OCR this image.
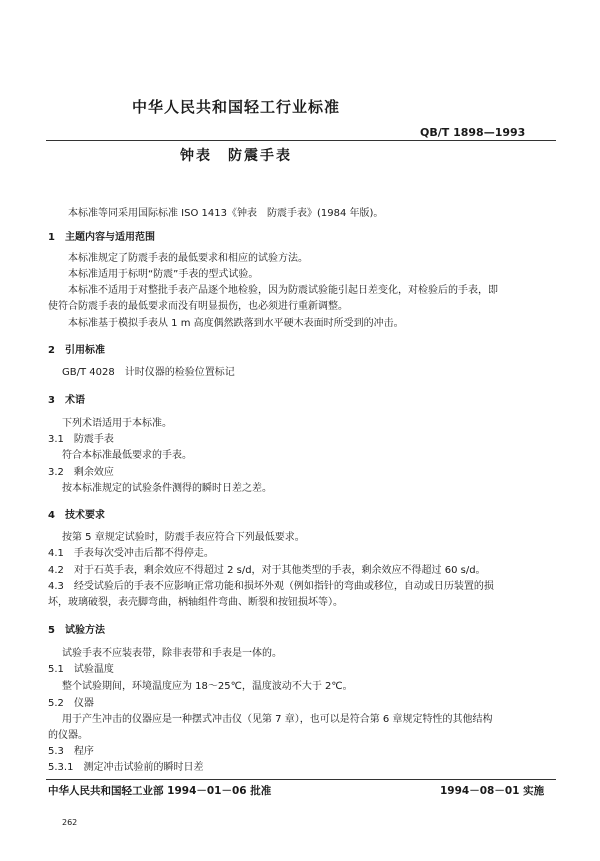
中华人民共和国轻工行业标准
QB/T 1898—1993
钟表　防震手表
本标准等同采用国际标准 ISO 1413《钟表　防震手表》(1984 年版)。
1　主题内容与适用范围
本标准规定了防震手表的最低要求和相应的试验方法。
本标准适用于标明“防震”手表的型式试验。
本标准不适用于对整批手表产品逐个地检验，因为防震试验能引起日差变化，对检验后的手表，即
使符合防震手表的最低要求而没有明显损伤，也必须进行重新调整。
本标准基于模拟手表从 1 m 高度偶然跌落到水平硬木表面时所受到的冲击。
2　引用标准
GB/T 4028　计时仪器的检验位置标记
3　术语
下列术语适用于本标准。
3.1　防震手表
符合本标准最低要求的手表。
3.2　剩余效应
按本标准规定的试验条件测得的瞬时日差之差。
4　技术要求
按第 5 章规定试验时，防震手表应符合下列最低要求。
4.1　手表每次受冲击后都不得停走。
4.2　对于石英手表，剩余效应不得超过 2 s/d，对于其他类型的手表，剩余效应不得超过 60 s/d。
4.3　经受试验后的手表不应影响正常功能和损坏外观（例如指针的弯曲或移位，自动或日历装置的损
坏，玻璃破裂，表壳脚弯曲，柄轴组件弯曲、断裂和按钮损坏等）。
5　试验方法
试验手表不应装表带，除非表带和手表是一体的。
5.1　试验温度
整个试验期间，环境温度应为 18～25℃，温度波动不大于 2℃。
5.2　仪器
用于产生冲击的仪器应是一种摆式冲击仪（见第 7 章），也可以是符合第 6 章规定特性的其他结构
的仪器。
5.3　程序
5.3.1　测定冲击试验前的瞬时日差
中华人民共和国轻工业部 1994－01－06 批准	1994－08－01 实施
262
